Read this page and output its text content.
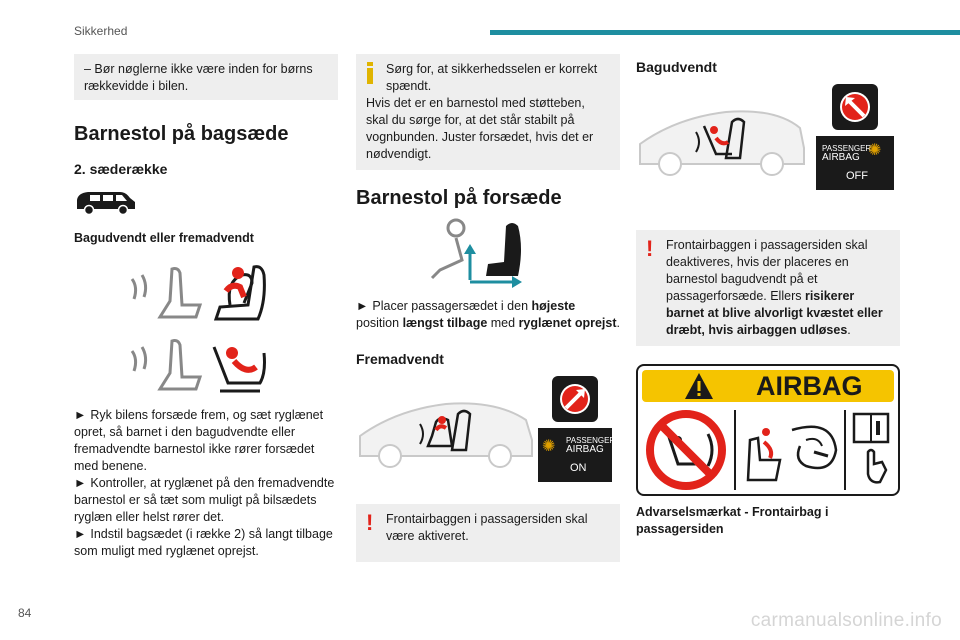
Sikkerhed
– Bør nøglerne ikke være inden for børns rækkevidde i bilen.
Barnestol på bagsæde
2. sæderække
Bagudvendt eller fremadvendt

► Ryk bilens forsæde frem, og sæt ryglænet opret, så barnet i den bagudvendte eller fremadvendte barnestol ikke rører forsædet med benene.

► Kontroller, at ryglænet på den fremadvendte barnestol er så tæt som muligt på bilsædets ryglæn eller helst rører det.

► Indstil bagsædet (i række 2) så langt tilbage som muligt med ryglænet oprejst.

Sørg for, at sikkerhedsselen er korrekt spændt.

Hvis det er en barnestol med støtteben, skal du sørge for, at det står stabilt på vognbunden. Juster forsædet, hvis det er nødvendigt.

Barnestol på forsæde

► Placer passagersædet i den højeste position længst tilbage med ryglænet oprejst.

Fremadvendt
✺ PASSENGER
AIRBAG
ON
! Frontairbaggen i passagersiden skal være aktiveret.
Bagudvendt
PASSENGER
AIRBAG ✺
OFF
! Frontairbaggen i passagersiden skal deaktiveres, hvis der placeres en barnestol bagudvendt på et passagerforsæde. Ellers risikerer barnet at blive alvorligt kvæstet eller dræbt, hvis airbaggen udløses.
AIRBAG

Advarselsmærkat - Frontairbag i passagersiden

84	carmanualsonline.info
